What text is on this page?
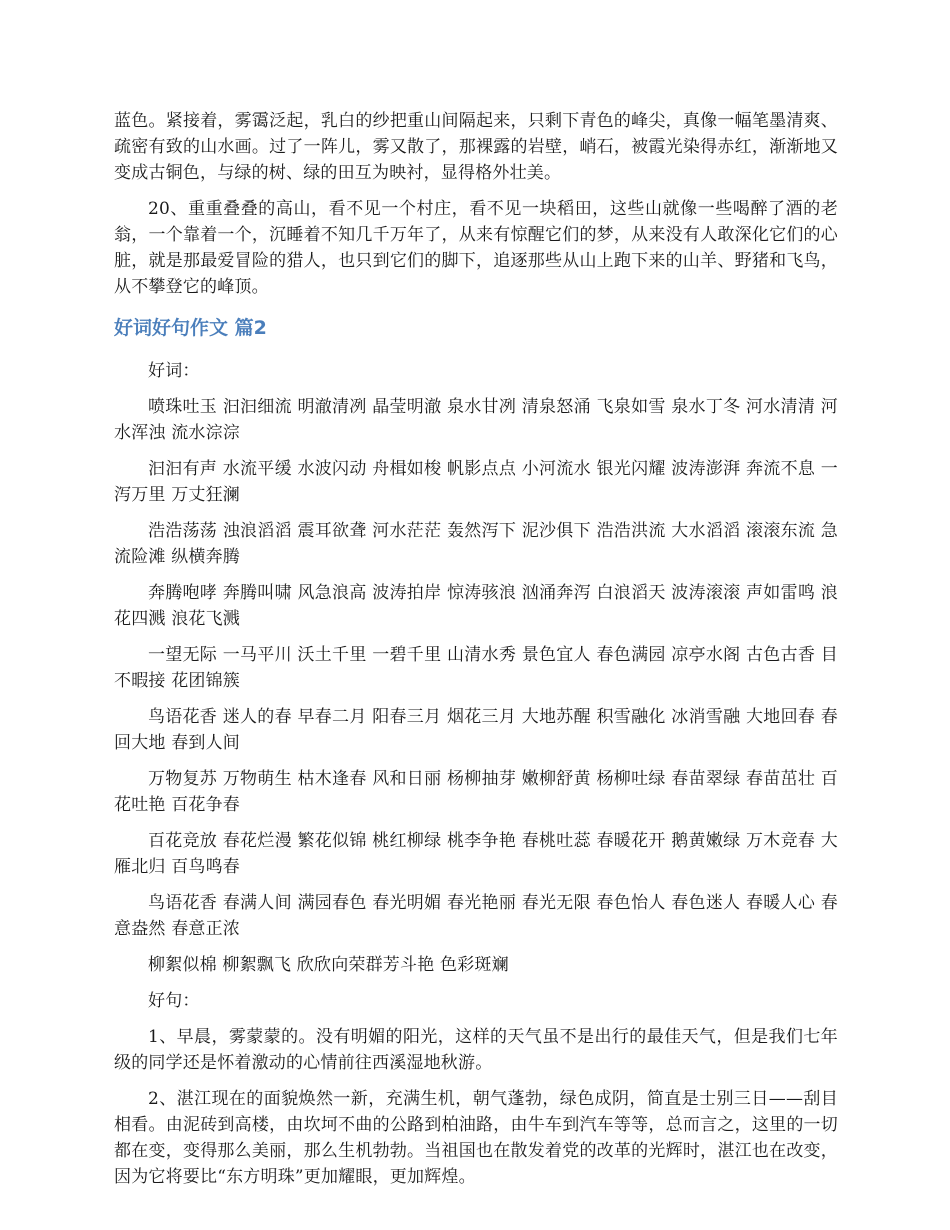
蓝色。紧接着，雾霭泛起，乳白的纱把重山间隔起来，只剩下青色的峰尖，真像一幅笔墨清爽、疏密有致的山水画。过了一阵儿，雾又散了，那裸露的岩壁，峭石，被霞光染得赤红，渐渐地又变成古铜色，与绿的树、绿的田互为映衬，显得格外壮美。

20、重重叠叠的高山，看不见一个村庄，看不见一块稻田，这些山就像一些喝醉了酒的老翁，一个靠着一个，沉睡着不知几千万年了，从来有惊醒它们的梦，从来没有人敢深化它们的心脏，就是那最爱冒险的猎人，也只到它们的脚下，追逐那些从山上跑下来的山羊、野猪和飞鸟，从不攀登它的峰顶。

好词好句作文 篇2

好词：

喷珠吐玉 汩汩细流 明澈清冽 晶莹明澈 泉水甘冽 清泉怒涌 飞泉如雪 泉水丁冬 河水清清 河水浑浊 流水淙淙

汩汩有声 水流平缓 水波闪动 舟楫如梭 帆影点点 小河流水 银光闪耀 波涛澎湃 奔流不息 一泻万里 万丈狂澜

浩浩荡荡 浊浪滔滔 震耳欲聋 河水茫茫 轰然泻下 泥沙俱下 浩浩洪流 大水滔滔 滚滚东流 急流险滩 纵横奔腾

奔腾咆哮 奔腾叫啸 风急浪高 波涛拍岸 惊涛骇浪 汹涌奔泻 白浪滔天 波涛滚滚 声如雷鸣 浪花四溅 浪花飞溅

一望无际 一马平川 沃土千里 一碧千里 山清水秀 景色宜人 春色满园 凉亭水阁 古色古香 目不暇接 花团锦簇

鸟语花香 迷人的春 早春二月 阳春三月 烟花三月 大地苏醒 积雪融化 冰消雪融 大地回春 春回大地 春到人间

万物复苏 万物萌生 枯木逢春 风和日丽 杨柳抽芽 嫩柳舒黄 杨柳吐绿 春苗翠绿 春苗茁壮 百花吐艳 百花争春

百花竞放 春花烂漫 繁花似锦 桃红柳绿 桃李争艳 春桃吐蕊 春暖花开 鹅黄嫩绿 万木竞春 大雁北归 百鸟鸣春

鸟语花香 春满人间 满园春色 春光明媚 春光艳丽 春光无限 春色怡人 春色迷人 春暖人心 春意盎然 春意正浓

柳絮似棉 柳絮飘飞 欣欣向荣群芳斗艳 色彩斑斓

好句：

1、早晨，雾蒙蒙的。没有明媚的阳光，这样的天气虽不是出行的最佳天气，但是我们七年级的同学还是怀着激动的心情前往西溪湿地秋游。

2、湛江现在的面貌焕然一新，充满生机，朝气蓬勃，绿色成阴，简直是士别三日——刮目相看。由泥砖到高楼，由坎坷不曲的公路到柏油路，由牛车到汽车等等，总而言之，这里的一切都在变，变得那么美丽，那么生机勃勃。当祖国也在散发着党的改革的光辉时，湛江也在改变，因为它将要比“东方明珠”更加耀眼，更加辉煌。
